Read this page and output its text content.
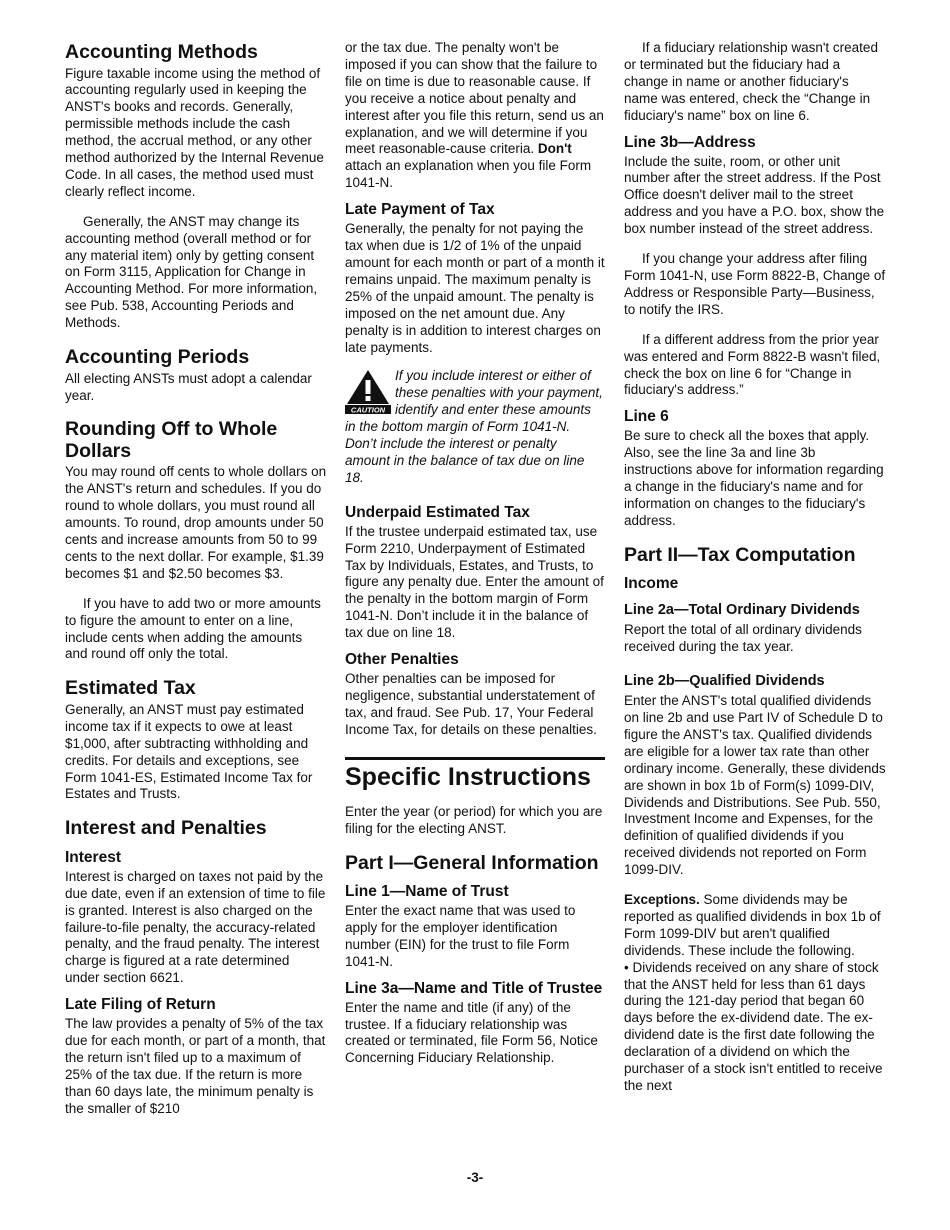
Accounting Methods

Figure taxable income using the method of accounting regularly used in keeping the ANST's books and records. Generally, permissible methods include the cash method, the accrual method, or any other method authorized by the Internal Revenue Code. In all cases, the method used must clearly reflect income.

Generally, the ANST may change its accounting method (overall method or for any material item) only by getting consent on Form 3115, Application for Change in Accounting Method. For more information, see Pub. 538, Accounting Periods and Methods.

Accounting Periods

All electing ANSTs must adopt a calendar year.

Rounding Off to Whole Dollars

You may round off cents to whole dollars on the ANST's return and schedules. If you do round to whole dollars, you must round all amounts. To round, drop amounts under 50 cents and increase amounts from 50 to 99 cents to the next dollar. For example, $1.39 becomes $1 and $2.50 becomes $3.

If you have to add two or more amounts to figure the amount to enter on a line, include cents when adding the amounts and round off only the total.

Estimated Tax

Generally, an ANST must pay estimated income tax if it expects to owe at least $1,000, after subtracting withholding and credits. For details and exceptions, see Form 1041-ES, Estimated Income Tax for Estates and Trusts.

Interest and Penalties
Interest

Interest is charged on taxes not paid by the due date, even if an extension of time to file is granted. Interest is also charged on the failure-to-file penalty, the accuracy-related penalty, and the fraud penalty. The interest charge is figured at a rate determined under section 6621.

Late Filing of Return

The law provides a penalty of 5% of the tax due for each month, or part of a month, that the return isn't filed up to a maximum of 25% of the tax due. If the return is more than 60 days late, the minimum penalty is the smaller of $210

or the tax due. The penalty won't be imposed if you can show that the failure to file on time is due to reasonable cause. If you receive a notice about penalty and interest after you file this return, send us an explanation, and we will determine if you meet reasonable-cause criteria. Don't attach an explanation when you file Form 1041-N.

Late Payment of Tax

Generally, the penalty for not paying the tax when due is 1/2 of 1% of the unpaid amount for each month or part of a month it remains unpaid. The maximum penalty is 25% of the unpaid amount. The penalty is imposed on the net amount due. Any penalty is in addition to interest charges on late payments.

CAUTION

If you include interest or either of these penalties with your payment, identify and enter these amounts in the bottom margin of Form 1041-N. Don’t include the interest or penalty amount in the balance of tax due on line 18.

Underpaid Estimated Tax

If the trustee underpaid estimated tax, use Form 2210, Underpayment of Estimated Tax by Individuals, Estates, and Trusts, to figure any penalty due. Enter the amount of the penalty in the bottom margin of Form 1041-N. Don’t include it in the balance of tax due on line 18.

Other Penalties

Other penalties can be imposed for negligence, substantial understatement of tax, and fraud. See Pub. 17, Your Federal Income Tax, for details on these penalties.

Specific Instructions

Enter the year (or period) for which you are filing for the electing ANST.

Part I—General Information
Line 1—Name of Trust

Enter the exact name that was used to apply for the employer identification number (EIN) for the trust to file Form 1041-N.

Line 3a—Name and Title of Trustee

Enter the name and title (if any) of the trustee. If a fiduciary relationship was created or terminated, file Form 56, Notice Concerning Fiduciary Relationship.

If a fiduciary relationship wasn't created or terminated but the fiduciary had a change in name or another fiduciary's name was entered, check the “Change in fiduciary's name” box on line 6.

Line 3b—Address

Include the suite, room, or other unit number after the street address. If the Post Office doesn't deliver mail to the street address and you have a P.O. box, show the box number instead of the street address.

If you change your address after filing Form 1041-N, use Form 8822-B, Change of Address or Responsible Party—Business, to notify the IRS.

If a different address from the prior year was entered and Form 8822-B wasn't filed, check the box on line 6 for “Change in fiduciary's address.”

Line 6

Be sure to check all the boxes that apply. Also, see the line 3a and line 3b instructions above for information regarding a change in the fiduciary's name and for information on changes to the fiduciary's address.

Part II—Tax Computation
Income
Line 2a—Total Ordinary Dividends

Report the total of all ordinary dividends received during the tax year.

Line 2b—Qualified Dividends

Enter the ANST's total qualified dividends on line 2b and use Part IV of Schedule D to figure the ANST's tax. Qualified dividends are eligible for a lower tax rate than other ordinary income. Generally, these dividends are shown in box 1b of Form(s) 1099-DIV, Dividends and Distributions. See Pub. 550, Investment Income and Expenses, for the definition of qualified dividends if you received dividends not reported on Form 1099-DIV.

Exceptions. Some dividends may be reported as qualified dividends in box 1b of Form 1099-DIV but aren't qualified dividends. These include the following.

• Dividends received on any share of stock that the ANST held for less than 61 days during the 121-day period that began 60 days before the ex-dividend date. The ex-dividend date is the first date following the declaration of a dividend on which the purchaser of a stock isn't entitled to receive the next

-3-
